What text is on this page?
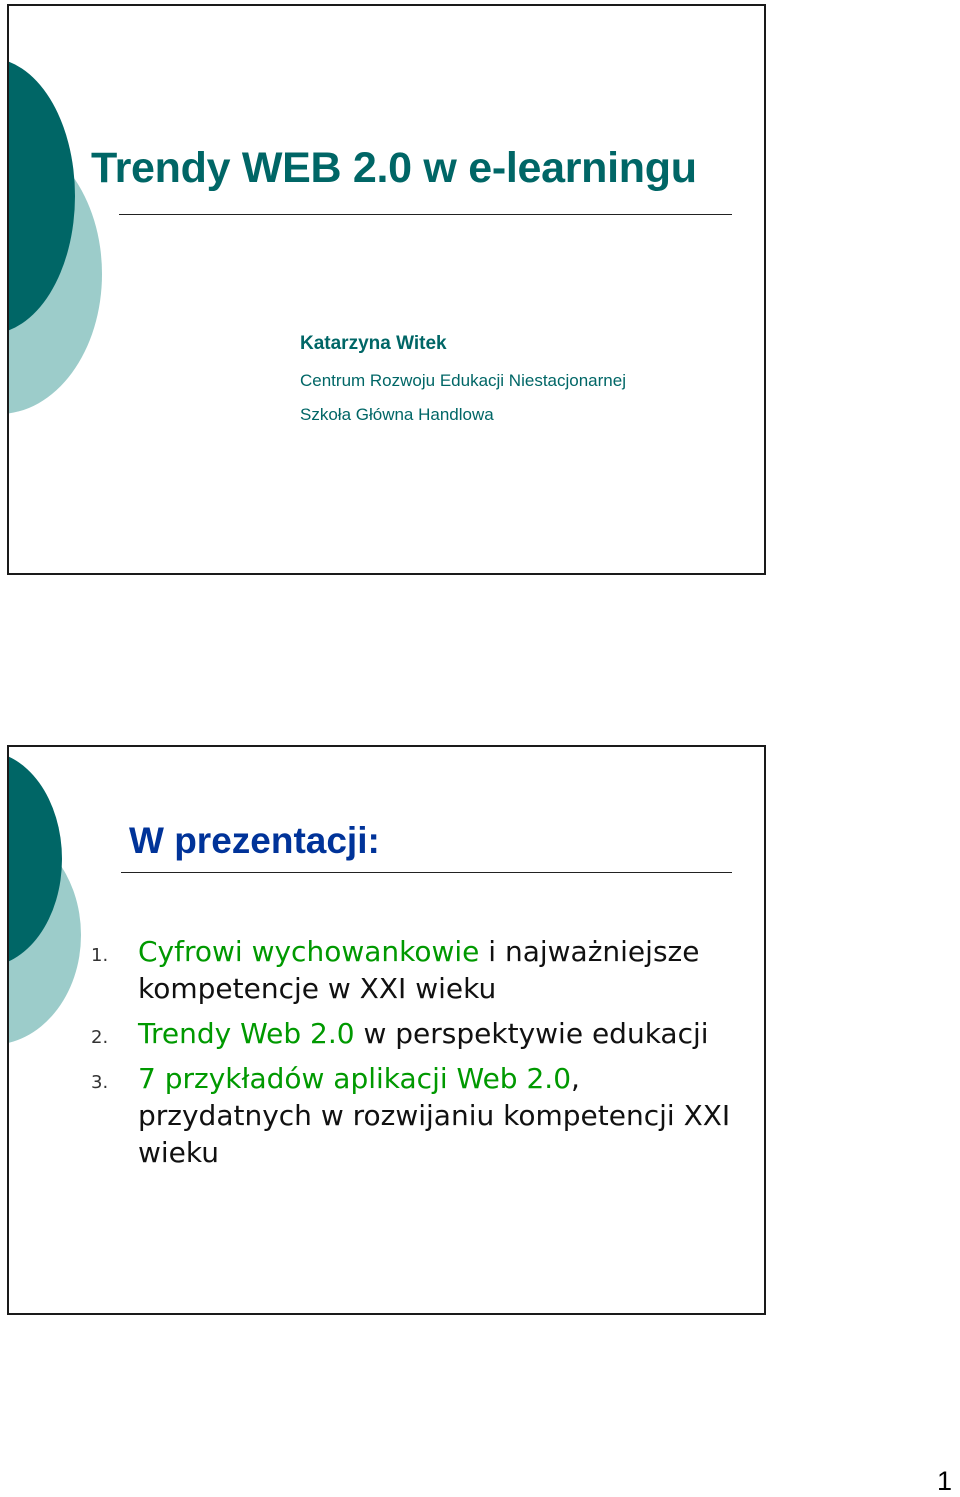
Trendy WEB 2.0 w e-learningu

Katarzyna Witek

Centrum Rozwoju Edukacji Niestacjonarnej

Szkoła Główna Handlowa

W prezentacji:
1. Cyfrowi wychowankowie i najważniejsze kompetencje w XXI wieku
2. Trendy Web 2.0 w perspektywie edukacji
3. 7 przykładów aplikacji Web 2.0, przydatnych w rozwijaniu kompetencji XXI wieku
1
